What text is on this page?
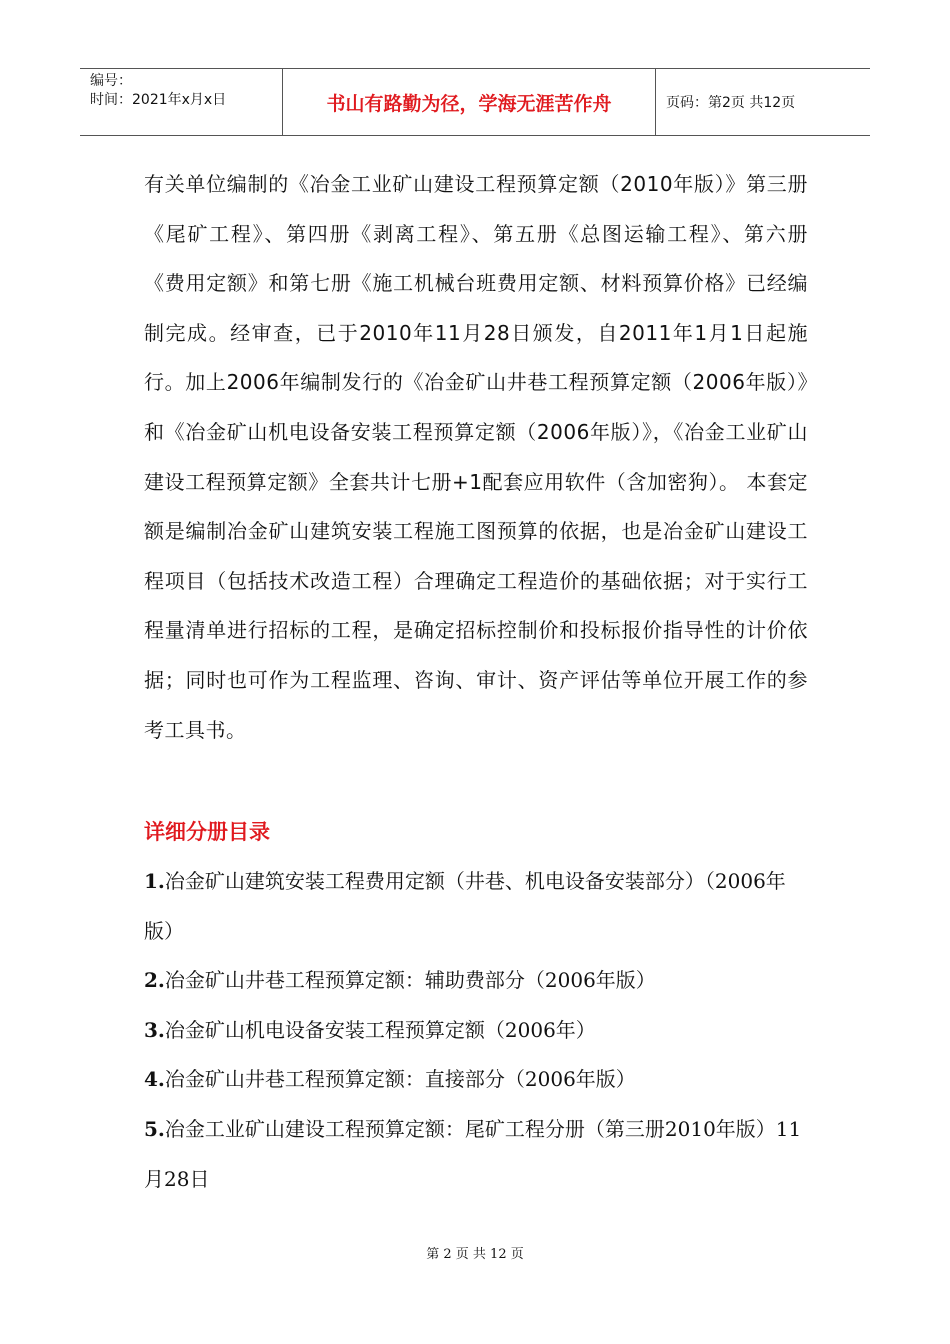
编号：
时间：2021年x月x日	书山有路勤为径，学海无涯苦作舟	页码：第2页 共12页
有关单位编制的《冶金工业矿山建设工程预算定额（2010年版）》第三册《尾矿工程》、第四册《剥离工程》、第五册《总图运输工程》、第六册《费用定额》和第七册《施工机械台班费用定额、材料预算价格》已经编制完成。经审查，已于2010年11月28日颁发，自2011年1月1日起施行。加上2006年编制发行的《冶金矿山井巷工程预算定额（2006年版）》和《冶金矿山机电设备安装工程预算定额（2006年版）》，《冶金工业矿山建设工程预算定额》全套共计七册+1配套应用软件（含加密狗）。 本套定额是编制冶金矿山建筑安装工程施工图预算的依据，也是冶金矿山建设工程项目（包括技术改造工程）合理确定工程造价的基础依据；对于实行工程量清单进行招标的工程，是确定招标控制价和投标报价指导性的计价依据；同时也可作为工程监理、咨询、审计、资产评估等单位开展工作的参考工具书。
详细分册目录
1.冶金矿山建筑安装工程费用定额（井巷、机电设备安装部分）（2006年版）
2.冶金矿山井巷工程预算定额：辅助费部分（2006年版）
3.冶金矿山机电设备安装工程预算定额（2006年）
4.冶金矿山井巷工程预算定额：直接部分（2006年版）
5.冶金工业矿山建设工程预算定额：尾矿工程分册（第三册2010年版）11月28日
第 2 页 共 12 页
